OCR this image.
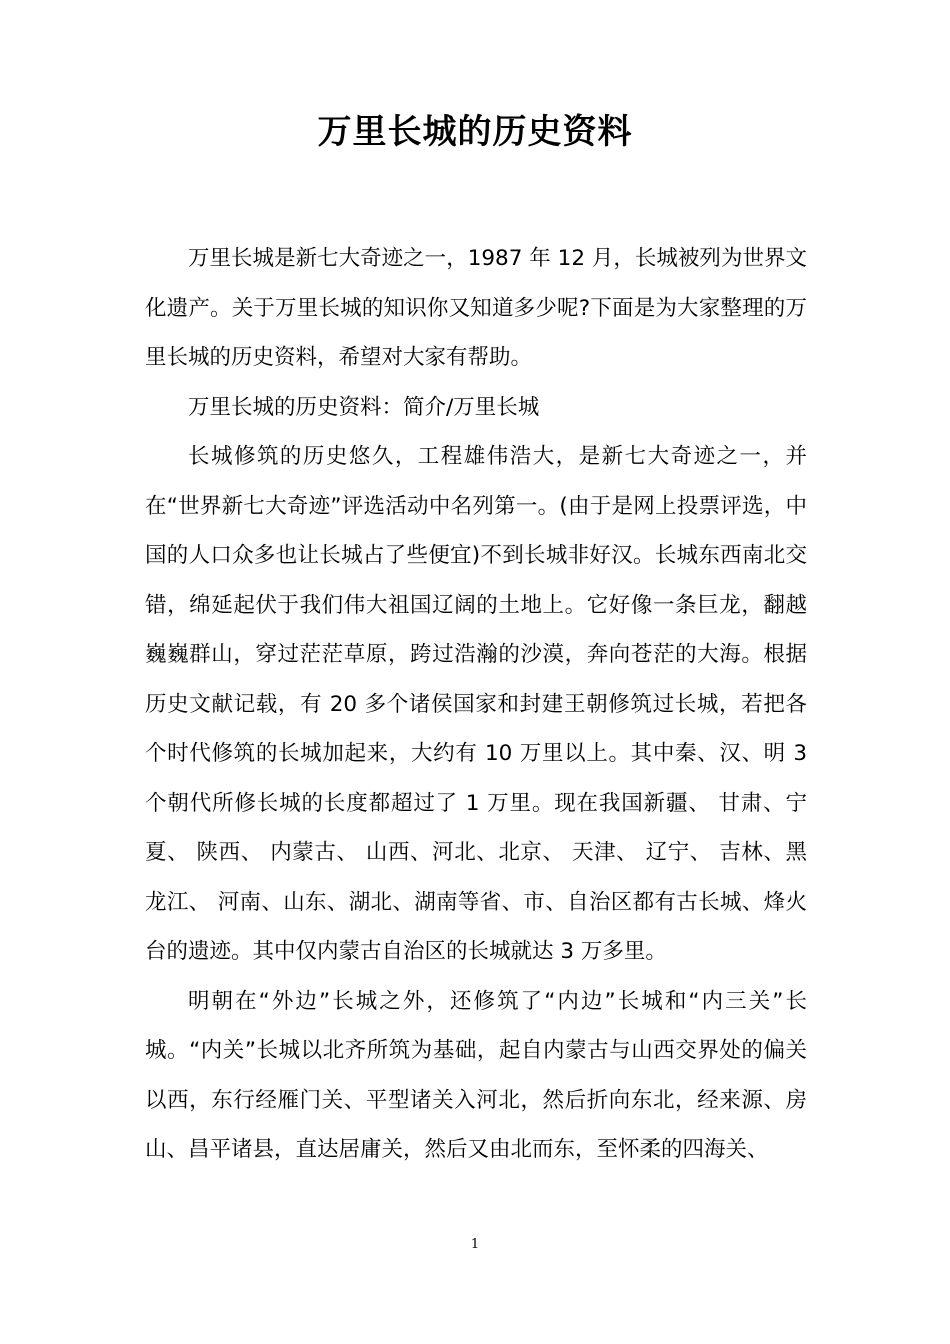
万里长城的历史资料

万里长城是新七大奇迹之一，1987 年 12 月，长城被列为世界文化遗产。关于万里长城的知识你又知道多少呢?下面是为大家整理的万里长城的历史资料，希望对大家有帮助。

万里长城的历史资料：简介/万里长城

长城修筑的历史悠久，工程雄伟浩大，是新七大奇迹之一，并在“世界新七大奇迹”评选活动中名列第一。(由于是网上投票评选，中国的人口众多也让长城占了些便宜)不到长城非好汉。长城东西南北交错，绵延起伏于我们伟大祖国辽阔的土地上。它好像一条巨龙，翻越巍巍群山，穿过茫茫草原，跨过浩瀚的沙漠，奔向苍茫的大海。根据历史文献记载，有 20 多个诸侯国家和封建王朝修筑过长城，若把各个时代修筑的长城加起来，大约有 10 万里以上。其中秦、汉、明 3 个朝代所修长城的长度都超过了 1 万里。现在我国新疆、 甘肃、宁夏、 陕西、 内蒙古、 山西、河北、北京、 天津、 辽宁、 吉林、黑龙江、 河南、山东、湖北、湖南等省、市、自治区都有古长城、烽火台的遗迹。其中仅内蒙古自治区的长城就达 3 万多里。

明朝在“外边”长城之外，还修筑了“内边”长城和“内三关”长城。“内关”长城以北齐所筑为基础，起自内蒙古与山西交界处的偏关以西，东行经雁门关、平型诸关入河北，然后折向东北，经来源、房山、昌平诸县，直达居庸关，然后又由北而东，至怀柔的四海关、

1
